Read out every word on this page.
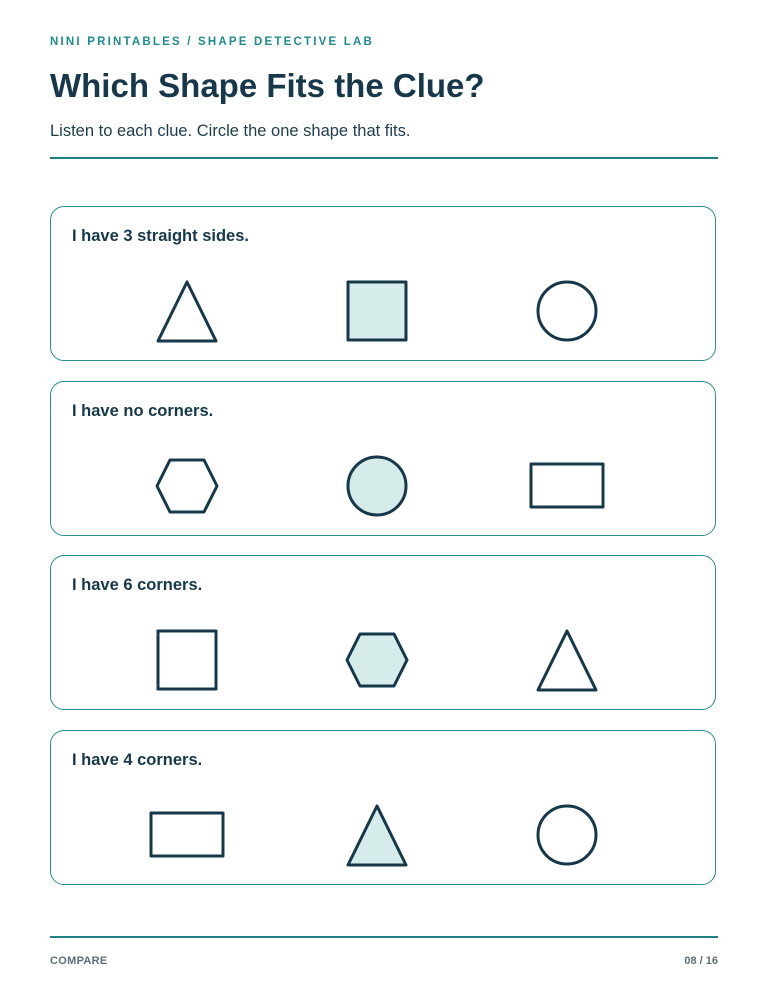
NINI PRINTABLES / SHAPE DETECTIVE LAB
Which Shape Fits the Clue?
Listen to each clue. Circle the one shape that fits.
I have 3 straight sides.
I have no corners.
I have 6 corners.
I have 4 corners.
COMPARE	08 / 16
